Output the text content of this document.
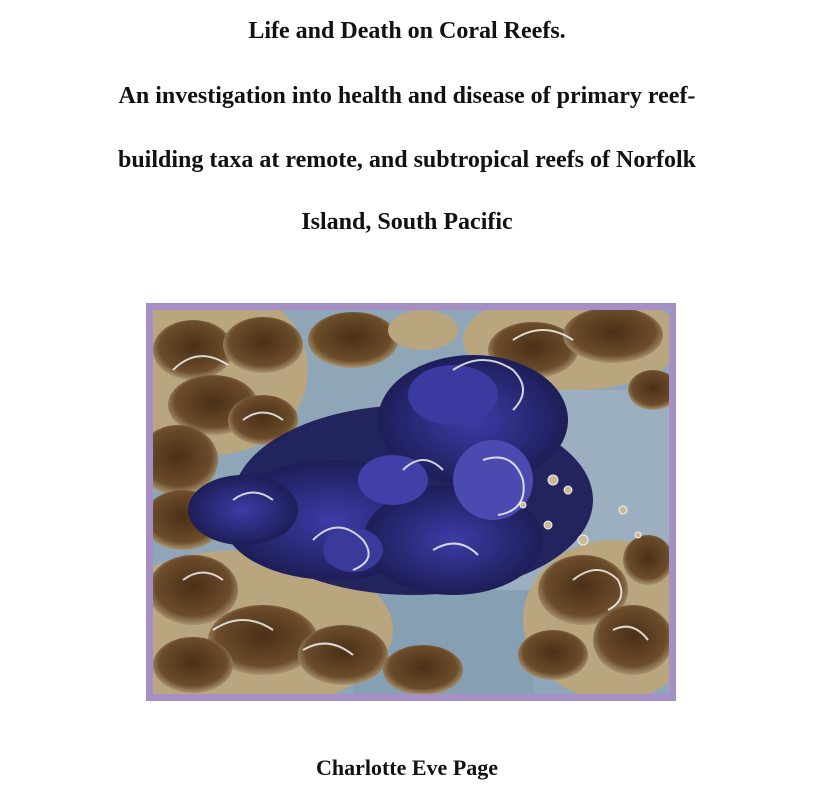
Life and Death on Coral Reefs.
An investigation into health and disease of primary reef-
building taxa at remote, and subtropical reefs of Norfolk
Island, South Pacific
Charlotte Eve Page
